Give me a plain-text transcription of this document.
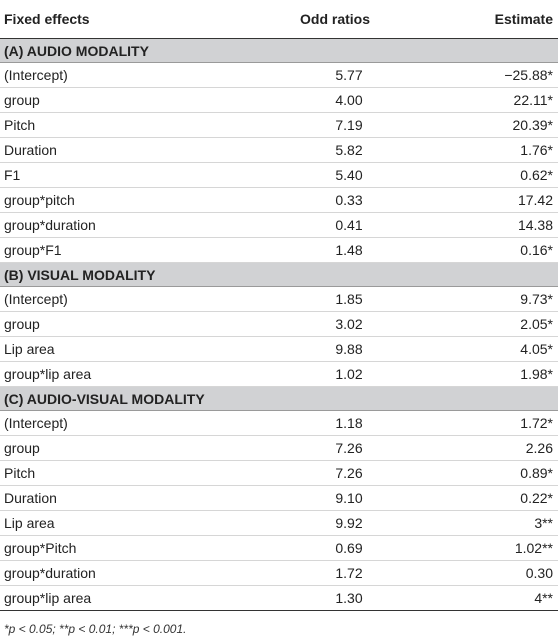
Fixed effects	Odd ratios	Estimate
(A) AUDIO MODALITY		
(Intercept)	5.77	−25.88*
group	4.00	22.11*
Pitch	7.19	20.39*
Duration	5.82	1.76*
F1	5.40	0.62*
group*pitch	0.33	17.42
group*duration	0.41	14.38
group*F1	1.48	0.16*
(B) VISUAL MODALITY		
(Intercept)	1.85	9.73*
group	3.02	2.05*
Lip area	9.88	4.05*
group*lip area	1.02	1.98*
(C) AUDIO-VISUAL MODALITY		
(Intercept)	1.18	1.72*
group	7.26	2.26
Pitch	7.26	0.89*
Duration	9.10	0.22*
Lip area	9.92	3**
group*Pitch	0.69	1.02**
group*duration	1.72	0.30
group*lip area	1.30	4**
*p < 0.05; **p < 0.01; ***p < 0.001.
